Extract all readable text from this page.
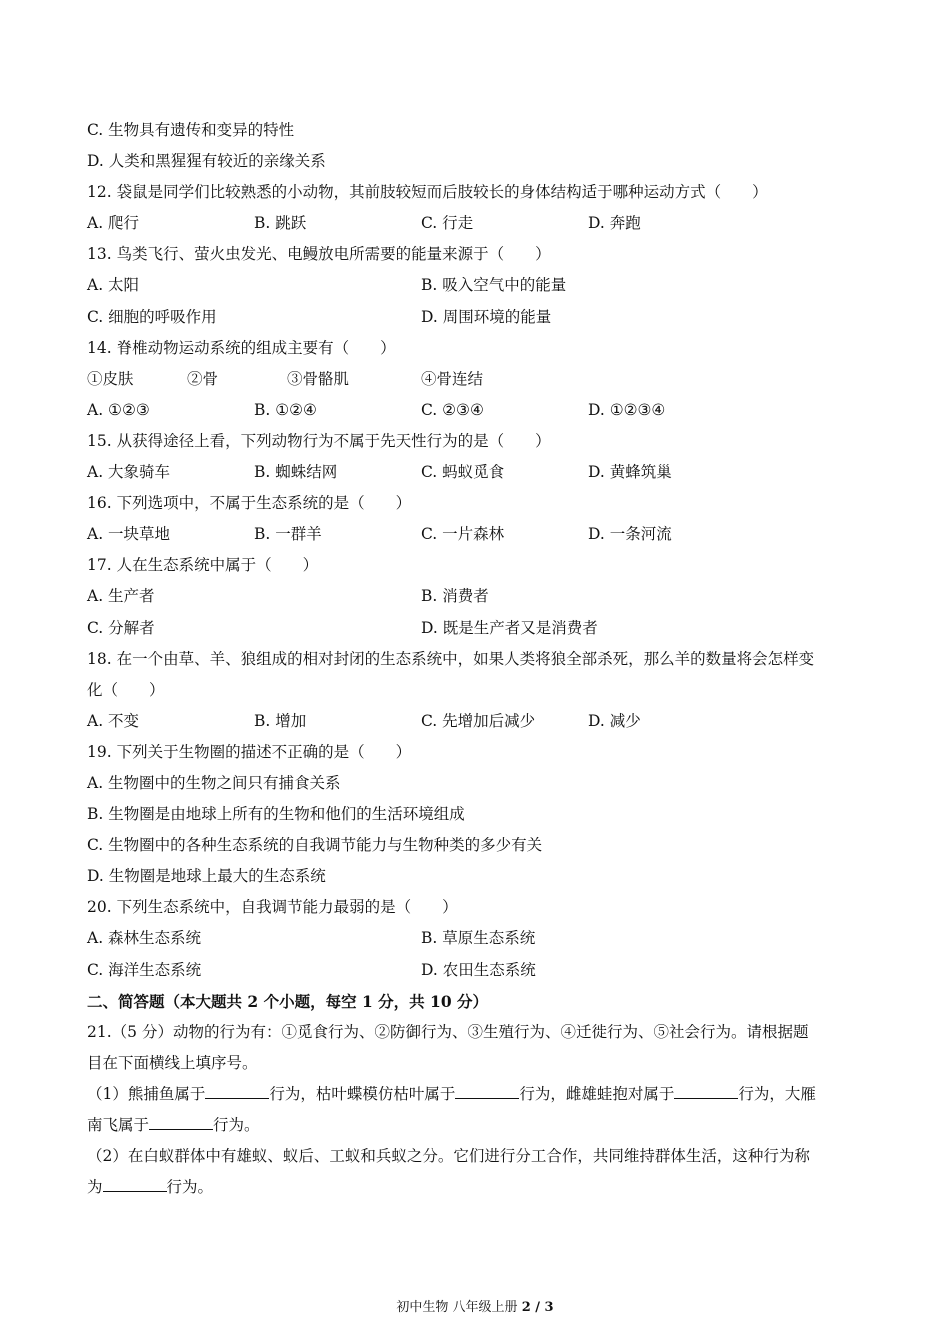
C. 生物具有遗传和变异的特性
D. 人类和黑猩猩有较近的亲缘关系
12. 袋鼠是同学们比较熟悉的小动物，其前肢较短而后肢较长的身体结构适于哪种运动方式（　　）
A. 爬行	B. 跳跃	C. 行走	D. 奔跑
13. 鸟类飞行、萤火虫发光、电鳗放电所需要的能量来源于（　　）
A. 太阳	B. 吸入空气中的能量
C. 细胞的呼吸作用	D. 周围环境的能量
14. 脊椎动物运动系统的组成主要有（　　）
①皮肤	②骨	③骨骼肌	④骨连结
A. ①②③	B. ①②④	C. ②③④	D. ①②③④
15. 从获得途径上看，下列动物行为不属于先天性行为的是（　　）
A. 大象骑车	B. 蜘蛛结网	C. 蚂蚁觅食	D. 黄蜂筑巢
16. 下列选项中，不属于生态系统的是（　　）
A. 一块草地	B. 一群羊	C. 一片森林	D. 一条河流
17. 人在生态系统中属于（　　）
A. 生产者	B. 消费者
C. 分解者	D. 既是生产者又是消费者
18. 在一个由草、羊、狼组成的相对封闭的生态系统中，如果人类将狼全部杀死，那么羊的数量将会怎样变
化（　　）
A. 不变	B. 增加	C. 先增加后减少	D. 减少
19. 下列关于生物圈的描述不正确的是（　　）
A. 生物圈中的生物之间只有捕食关系
B. 生物圈是由地球上所有的生物和他们的生活环境组成
C. 生物圈中的各种生态系统的自我调节能力与生物种类的多少有关
D. 生物圈是地球上最大的生态系统
20. 下列生态系统中，自我调节能力最弱的是（　　）
A. 森林生态系统	B. 草原生态系统
C. 海洋生态系统	D. 农田生态系统
二、简答题（本大题共 2 个小题，每空 1 分，共 10 分）
21.（5 分）动物的行为有：①觅食行为、②防御行为、③生殖行为、④迁徙行为、⑤社会行为。请根据题
目在下面横线上填序号。
（1）熊捕鱼属于	行为，枯叶蝶模仿枯叶属于	行为，雌雄蛙抱对属于	行为，大雁
南飞属于	行为。
（2）在白蚁群体中有雄蚁、蚁后、工蚁和兵蚁之分。它们进行分工合作，共同维持群体生活，这种行为称
为	行为。
初中生物 八年级上册 2 / 3
